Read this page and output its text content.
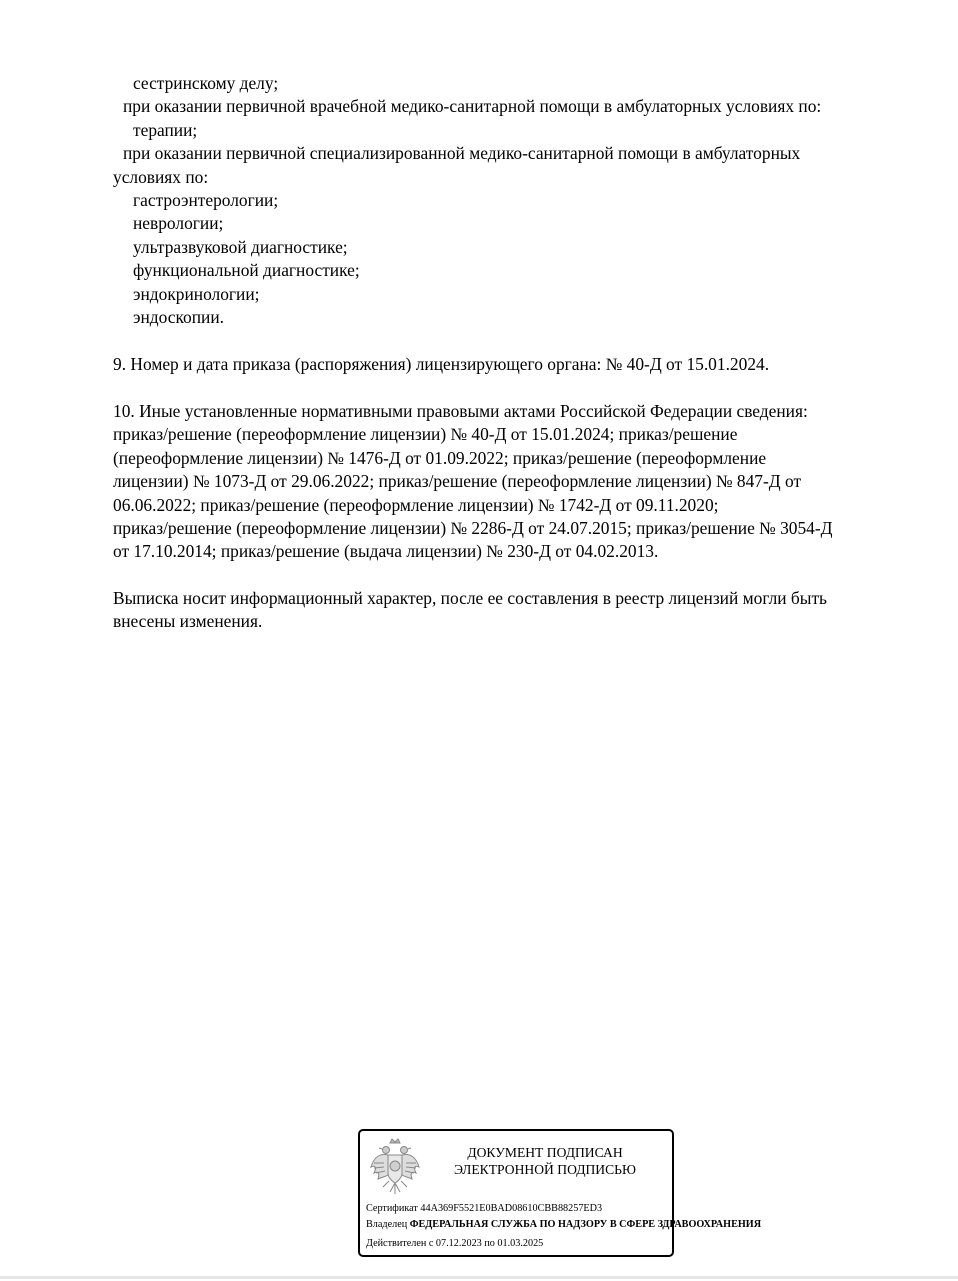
сестринскому делу;
при оказании первичной врачебной медико-санитарной помощи в амбулаторных условиях по:
терапии;
при оказании первичной специализированной медико-санитарной помощи в амбулаторных
условиях по:
гастроэнтерологии;
неврологии;
ультразвуковой диагностике;
функциональной диагностике;
эндокринологии;
эндоскопии.
9. Номер и дата приказа (распоряжения) лицензирующего органа: № 40-Д от 15.01.2024.
10. Иные установленные нормативными правовыми актами Российской Федерации сведения:
приказ/решение (переоформление лицензии) № 40-Д от 15.01.2024; приказ/решение
(переоформление лицензии) № 1476-Д от 01.09.2022; приказ/решение (переоформление
лицензии) № 1073-Д от 29.06.2022; приказ/решение (переоформление лицензии) № 847-Д от
06.06.2022; приказ/решение (переоформление лицензии) № 1742-Д от 09.11.2020;
приказ/решение (переоформление лицензии) № 2286-Д от 24.07.2015; приказ/решение № 3054-Д
от 17.10.2014; приказ/решение (выдача лицензии) № 230-Д от 04.02.2013.
Выписка носит информационный характер, после ее составления в реестр лицензий могли быть
внесены изменения.
ДОКУМЕНТ ПОДПИСАН
ЭЛЕКТРОННОЙ ПОДПИСЬЮ
Сертификат 44A369F5521E0BAD08610CBB88257ED3
Владелец ФЕДЕРАЛЬНАЯ СЛУЖБА ПО НАДЗОРУ В СФЕРЕ ЗДРАВООХРАНЕНИЯ
Действителен с 07.12.2023 по 01.03.2025
